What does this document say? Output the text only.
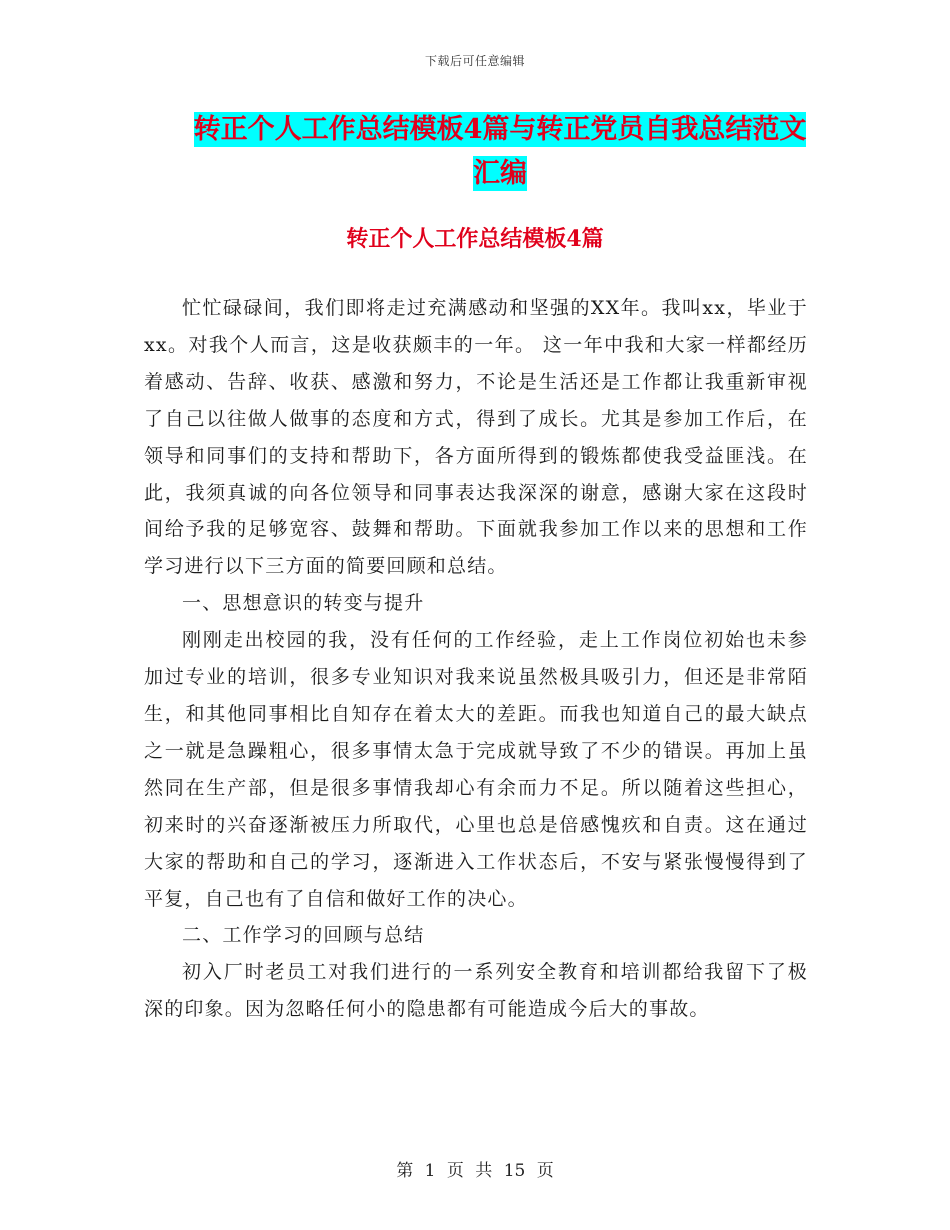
下载后可任意编辑
转正个人工作总结模板4篇与转正党员自我总结范文
汇编
转正个人工作总结模板4篇

忙忙碌碌间，我们即将走过充满感动和坚强的XX年。我叫xx，毕业于xx。对我个人而言，这是收获颇丰的一年。 这一年中我和大家一样都经历着感动、告辞、收获、感激和努力，不论是生活还是工作都让我重新审视了自己以往做人做事的态度和方式，得到了成长。尤其是参加工作后，在领导和同事们的支持和帮助下，各方面所得到的锻炼都使我受益匪浅。在此，我须真诚的向各位领导和同事表达我深深的谢意，感谢大家在这段时间给予我的足够宽容、鼓舞和帮助。下面就我参加工作以来的思想和工作学习进行以下三方面的简要回顾和总结。

一、思想意识的转变与提升

刚刚走出校园的我，没有任何的工作经验，走上工作岗位初始也未参加过专业的培训，很多专业知识对我来说虽然极具吸引力，但还是非常陌生，和其他同事相比自知存在着太大的差距。而我也知道自己的最大缺点之一就是急躁粗心，很多事情太急于完成就导致了不少的错误。再加上虽然同在生产部，但是很多事情我却心有余而力不足。所以随着这些担心，初来时的兴奋逐渐被压力所取代，心里也总是倍感愧疚和自责。这在通过大家的帮助和自己的学习，逐渐进入工作状态后，不安与紧张慢慢得到了平复，自己也有了自信和做好工作的决心。

二、工作学习的回顾与总结

初入厂时老员工对我们进行的一系列安全教育和培训都给我留下了极深的印象。因为忽略任何小的隐患都有可能造成今后大的事故。

第 1 页 共 15 页
